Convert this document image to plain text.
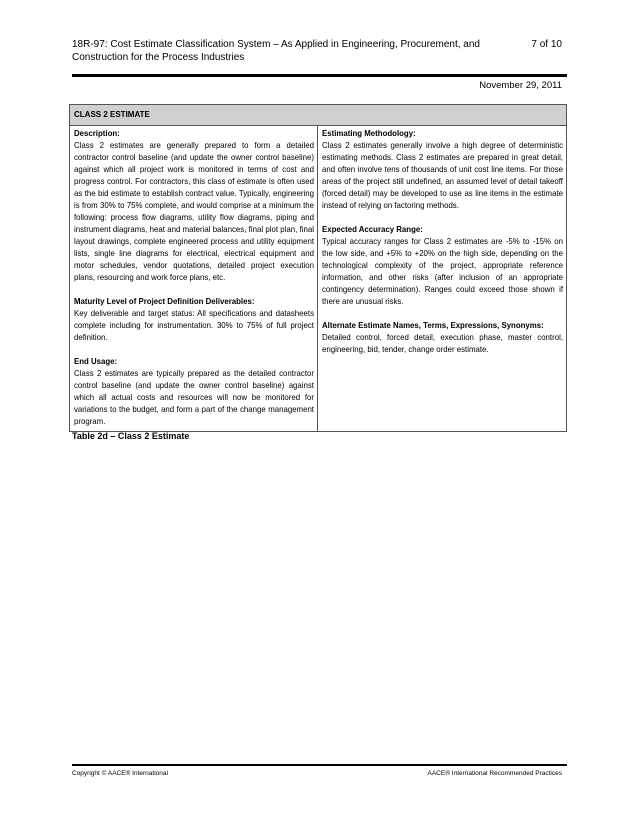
18R-97: Cost Estimate Classification System – As Applied in Engineering, Procurement, and Construction for the Process Industries
7 of 10
November 29, 2011
CLASS 2 ESTIMATE
Description:

Class 2 estimates are generally prepared to form a detailed contractor control baseline (and update the owner control baseline) against which all project work is monitored in terms of cost and progress control. For contractors, this class of estimate is often used as the bid estimate to establish contract value. Typically, engineering is from 30% to 75% complete, and would comprise at a minimum the following: process flow diagrams, utility flow diagrams, piping and instrument diagrams, heat and material balances, final plot plan, final layout drawings, complete engineered process and utility equipment lists, single line diagrams for electrical, electrical equipment and motor schedules, vendor quotations, detailed project execution plans, resourcing and work force plans, etc.

Maturity Level of Project Definition Deliverables:

Key deliverable and target status: All specifications and datasheets complete including for instrumentation. 30% to 75% of full project definition.

End Usage:

Class 2 estimates are typically prepared as the detailed contractor control baseline (and update the owner control baseline) against which all actual costs and resources will now be monitored for variations to the budget, and form a part of the change management program.

Estimating Methodology:

Class 2 estimates generally involve a high degree of deterministic estimating methods. Class 2 estimates are prepared in great detail, and often involve tens of thousands of unit cost line items. For those areas of the project still undefined, an assumed level of detail takeoff (forced detail) may be developed to use as line items in the estimate instead of relying on factoring methods.

Expected Accuracy Range:

Typical accuracy ranges for Class 2 estimates are -5% to -15% on the low side, and +5% to +20% on the high side, depending on the technological complexity of the project, appropriate reference information, and other risks (after inclusion of an appropriate contingency determination). Ranges could exceed those shown if there are unusual risks.

Alternate Estimate Names, Terms, Expressions, Synonyms:

Detailed control, forced detail, execution phase, master control, engineering, bid, tender, change order estimate.

Table 2d – Class 2 Estimate
Copyright © AACE® International	AACE® International Recommended Practices
